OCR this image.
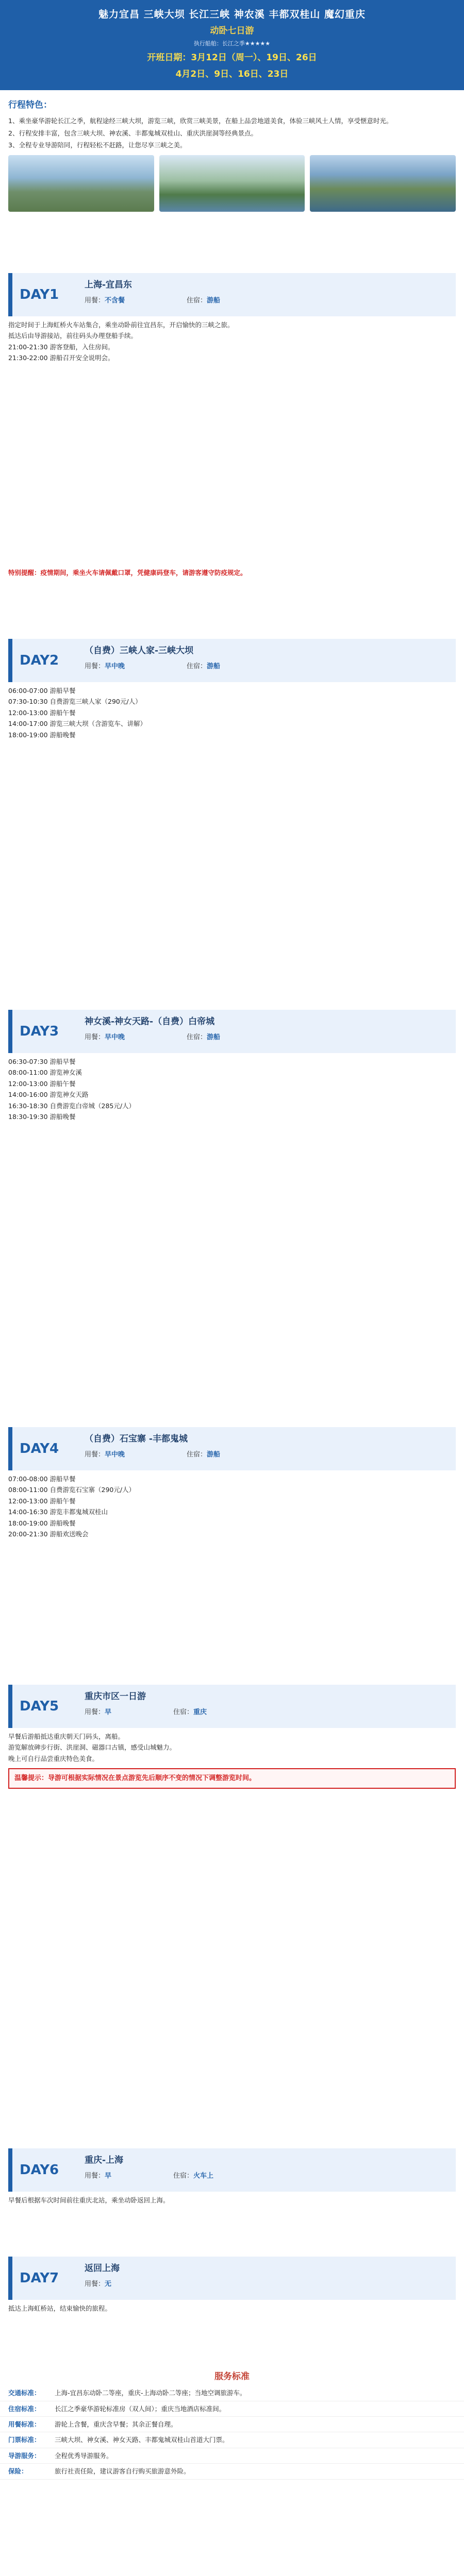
魅力宜昌 三峡大坝 长江三峡 神农溪 丰都双桂山 魔幻重庆
动卧七日游
执行船舶：长江之季★★★★★
开班日期：3月12日（周一）、19日、26日
4月2日、9日、16日、23日
行程特色：
1、乘坐豪华游轮长江之季，航程途经三峡大坝，游览三峡，欣赏三峡美景，在船上品尝地道美食，体验三峡风土人情，享受惬意时光。
2、行程安排丰富，包含三峡大坝、神农溪、丰都鬼城双桂山、重庆洪崖洞等经典景点。
3、全程专业导游陪同，行程轻松不赶路，让您尽享三峡之美。
DAY1
上海-宜昌东
用餐：不含餐	住宿：游船
指定时间于上海虹桥火车站集合，乘坐动卧前往宜昌东，开启愉快的三峡之旅。
抵达后由导游接站，前往码头办理登船手续。
21:00-21:30 游客登船，入住房间。
21:30-22:00 游船召开安全说明会。
特别提醒：疫情期间，乘坐火车请佩戴口罩，凭健康码登车，请游客遵守防疫规定。
DAY2
（自费）三峡人家-三峡大坝
用餐：早中晚	住宿：游船
06:00-07:00 游船早餐
07:30-10:30 自费游览三峡人家（290元/人）
12:00-13:00 游船午餐
14:00-17:00 游览三峡大坝（含游览车、讲解）
18:00-19:00 游船晚餐
DAY3
神女溪-神女天路-（自费）白帝城
用餐：早中晚	住宿：游船
06:30-07:30 游船早餐
08:00-11:00 游览神女溪
12:00-13:00 游船午餐
14:00-16:00 游览神女天路
16:30-18:30 自费游览白帝城（285元/人）
18:30-19:30 游船晚餐
DAY4
（自费）石宝寨 -丰都鬼城
用餐：早中晚	住宿：游船
07:00-08:00 游船早餐
08:00-11:00 自费游览石宝寨（290元/人）
12:00-13:00 游船午餐
14:00-16:30 游览丰都鬼城双桂山
18:00-19:00 游船晚餐
20:00-21:30 游船欢送晚会
DAY5
重庆市区一日游
用餐：早	住宿：重庆
早餐后游船抵达重庆朝天门码头，离船。
游览解放碑步行街、洪崖洞、磁器口古镇，感受山城魅力。
晚上可自行品尝重庆特色美食。
温馨提示：导游可根据实际情况在景点游览先后顺序不变的情况下调整游览时间。
DAY6
重庆-上海
用餐：早	住宿：火车上
早餐后根据车次时间前往重庆北站，乘坐动卧返回上海。
DAY7
返回上海
用餐：无
抵达上海虹桥站，结束愉快的旅程。
服务标准
交通标准：	上海-宜昌东动卧二等座，重庆-上海动卧二等座；当地空调旅游车。
住宿标准：	长江之季豪华游轮标准房（双人间）；重庆当地酒店标准间。
用餐标准：	游轮上含餐，重庆含早餐；其余正餐自理。
门票标准：	三峡大坝、神女溪、神女天路、丰都鬼城双桂山首道大门票。
导游服务：	全程优秀导游服务。
保险：	旅行社责任险，建议游客自行购买旅游意外险。
